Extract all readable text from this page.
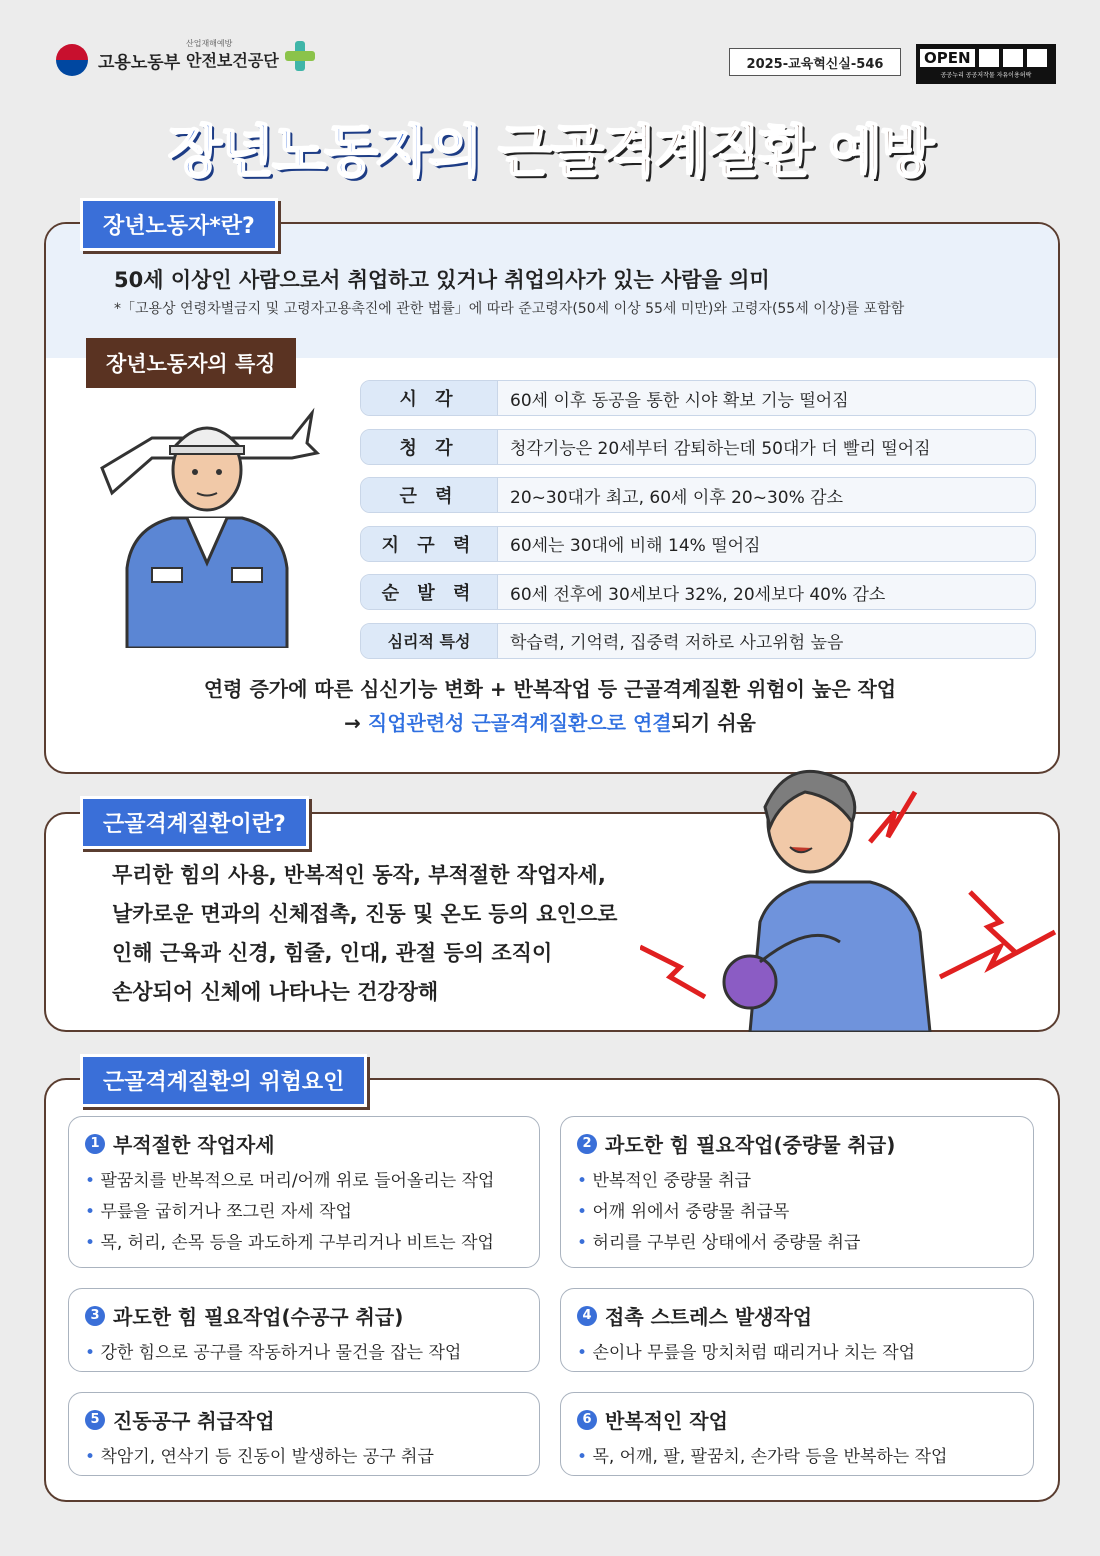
고용노동부
산업재해예방
안전보건공단	2025-교육혁신실-546	OPEN
공공누리 공공저작물 자유이용허락
장년노동자의 근골격계질환 예방
50세 이상인 사람으로서 취업하고 있거나 취업의사가 있는 사람을 의미
*「고용상 연령차별금지 및 고령자고용촉진에 관한 법률」에 따라 준고령자(50세 이상 55세 미만)와 고령자(55세 이상)를 포함함
장년노동자*란?
장년노동자의 특징
시 각	60세 이후 동공을 통한 시야 확보 기능 떨어짐
청 각	청각기능은 20세부터 감퇴하는데 50대가 더 빨리 떨어짐
근 력	20~30대가 최고, 60세 이후 20~30% 감소
지 구 력	60세는 30대에 비해 14% 떨어짐
순 발 력	60세 전후에 30세보다 32%, 20세보다 40% 감소
심리적 특성	학습력, 기억력, 집중력 저하로 사고위험 높음
연령 증가에 따른 심신기능 변화 + 반복작업 등 근골격계질환 위험이 높은 작업
→ 직업관련성 근골격계질환으로 연결되기 쉬움
근골격계질환이란?
무리한 힘의 사용, 반복적인 동작, 부적절한 작업자세,
날카로운 면과의 신체접촉, 진동 및 온도 등의 요인으로
인해 근육과 신경, 힘줄, 인대, 관절 등의 조직이
손상되어 신체에 나타나는 건강장해
근골격계질환의 위험요인
1 부적절한 작업자세
• 팔꿈치를 반복적으로 머리/어깨 위로 들어올리는 작업
• 무릎을 굽히거나 쪼그린 자세 작업
• 목, 허리, 손목 등을 과도하게 구부리거나 비트는 작업
2 과도한 힘 필요작업(중량물 취급)
• 반복적인 중량물 취급
• 어깨 위에서 중량물 취급목
• 허리를 구부린 상태에서 중량물 취급
3 과도한 힘 필요작업(수공구 취급)
• 강한 힘으로 공구를 작동하거나 물건을 잡는 작업
4 접촉 스트레스 발생작업
• 손이나 무릎을 망치처럼 때리거나 치는 작업
5 진동공구 취급작업
• 착암기, 연삭기 등 진동이 발생하는 공구 취급
6 반복적인 작업
• 목, 어깨, 팔, 팔꿈치, 손가락 등을 반복하는 작업
